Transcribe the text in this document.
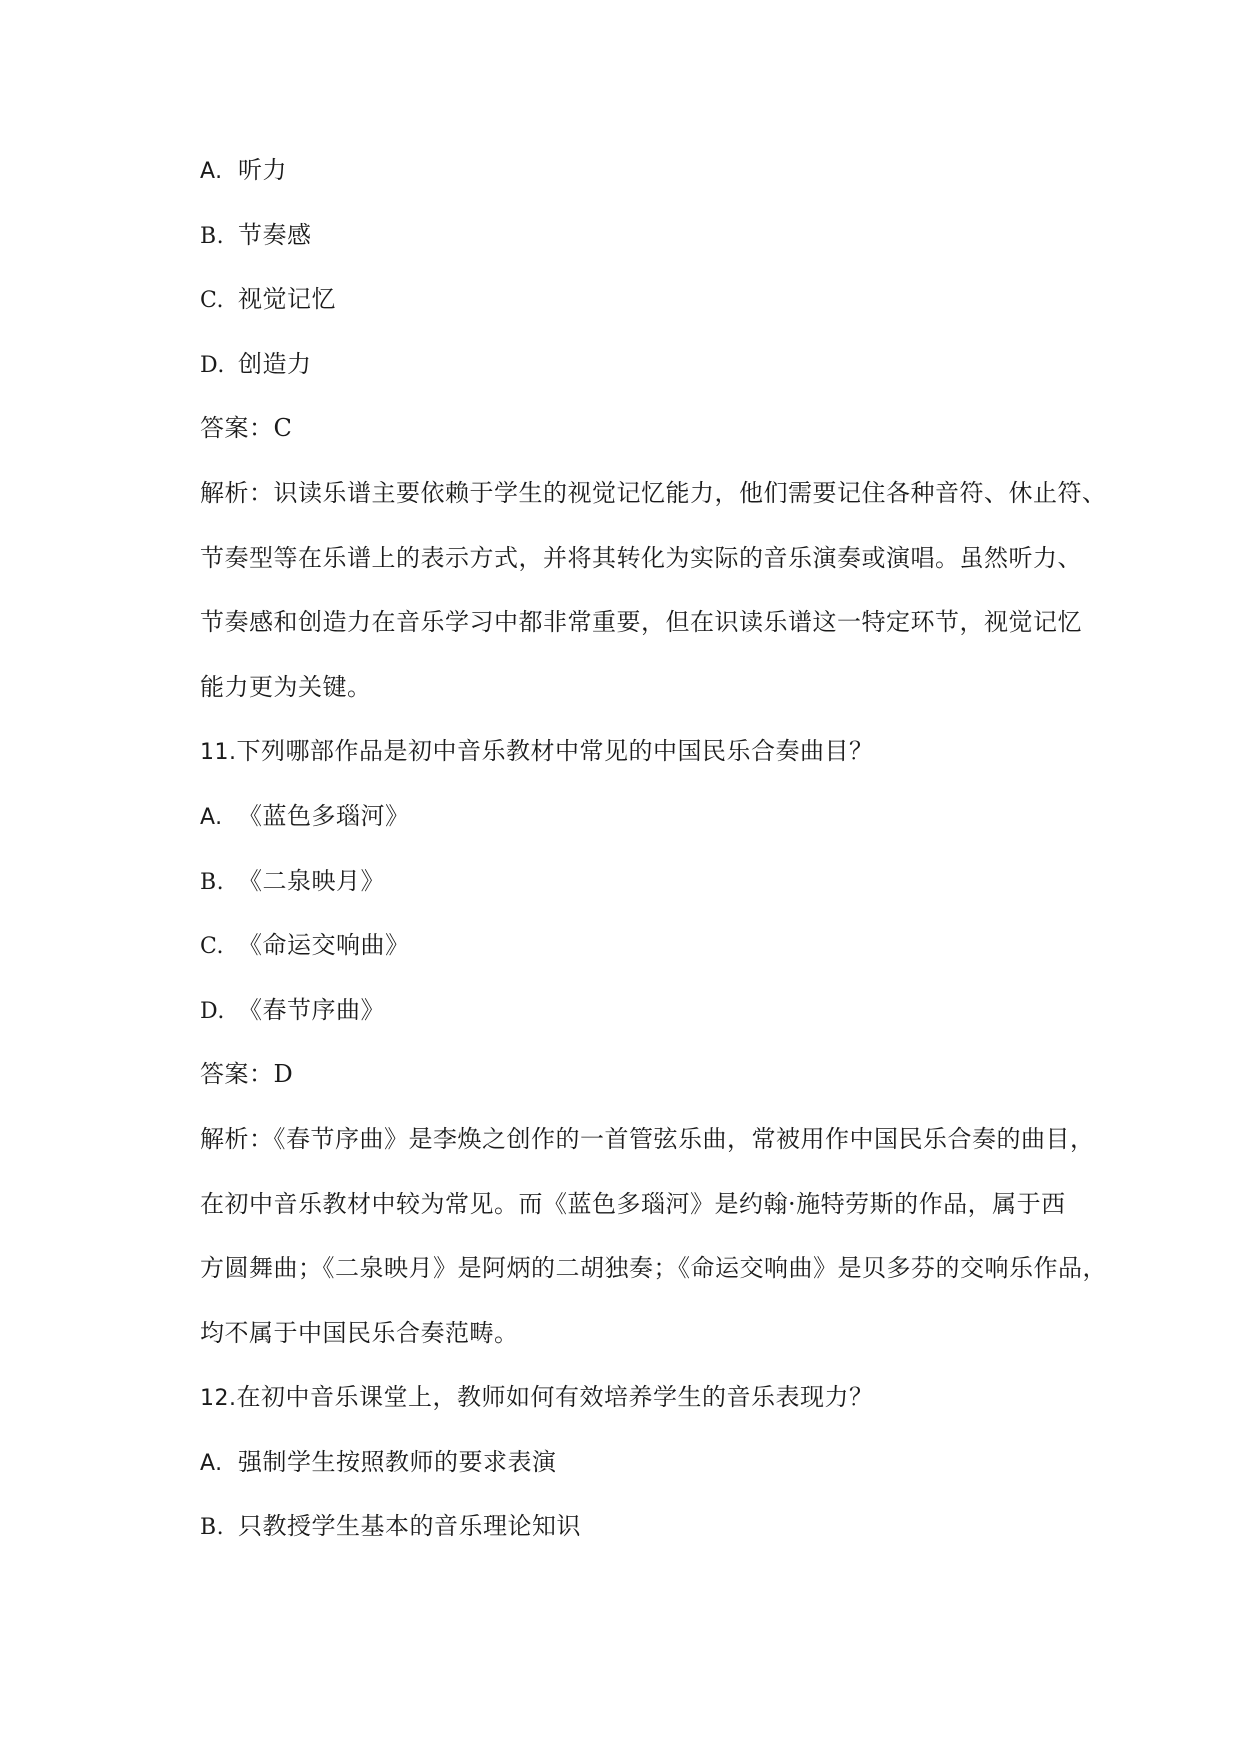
A. 听力
B. 节奏感
C. 视觉记忆
D. 创造力
答案：C
解析：识读乐谱主要依赖于学生的视觉记忆能力，他们需要记住各种音符、休止符、
节奏型等在乐谱上的表示方式，并将其转化为实际的音乐演奏或演唱。虽然听力、
节奏感和创造力在音乐学习中都非常重要，但在识读乐谱这一特定环节，视觉记忆
能力更为关键。
11.下列哪部作品是初中音乐教材中常见的中国民乐合奏曲目？
A. 《蓝色多瑙河》
B. 《二泉映月》
C. 《命运交响曲》
D. 《春节序曲》
答案：D
解析：《春节序曲》是李焕之创作的一首管弦乐曲，常被用作中国民乐合奏的曲目，
在初中音乐教材中较为常见。而《蓝色多瑙河》是约翰·施特劳斯的作品，属于西
方圆舞曲；《二泉映月》是阿炳的二胡独奏；《命运交响曲》是贝多芬的交响乐作品，
均不属于中国民乐合奏范畴。
12.在初中音乐课堂上，教师如何有效培养学生的音乐表现力？
A. 强制学生按照教师的要求表演
B. 只教授学生基本的音乐理论知识
